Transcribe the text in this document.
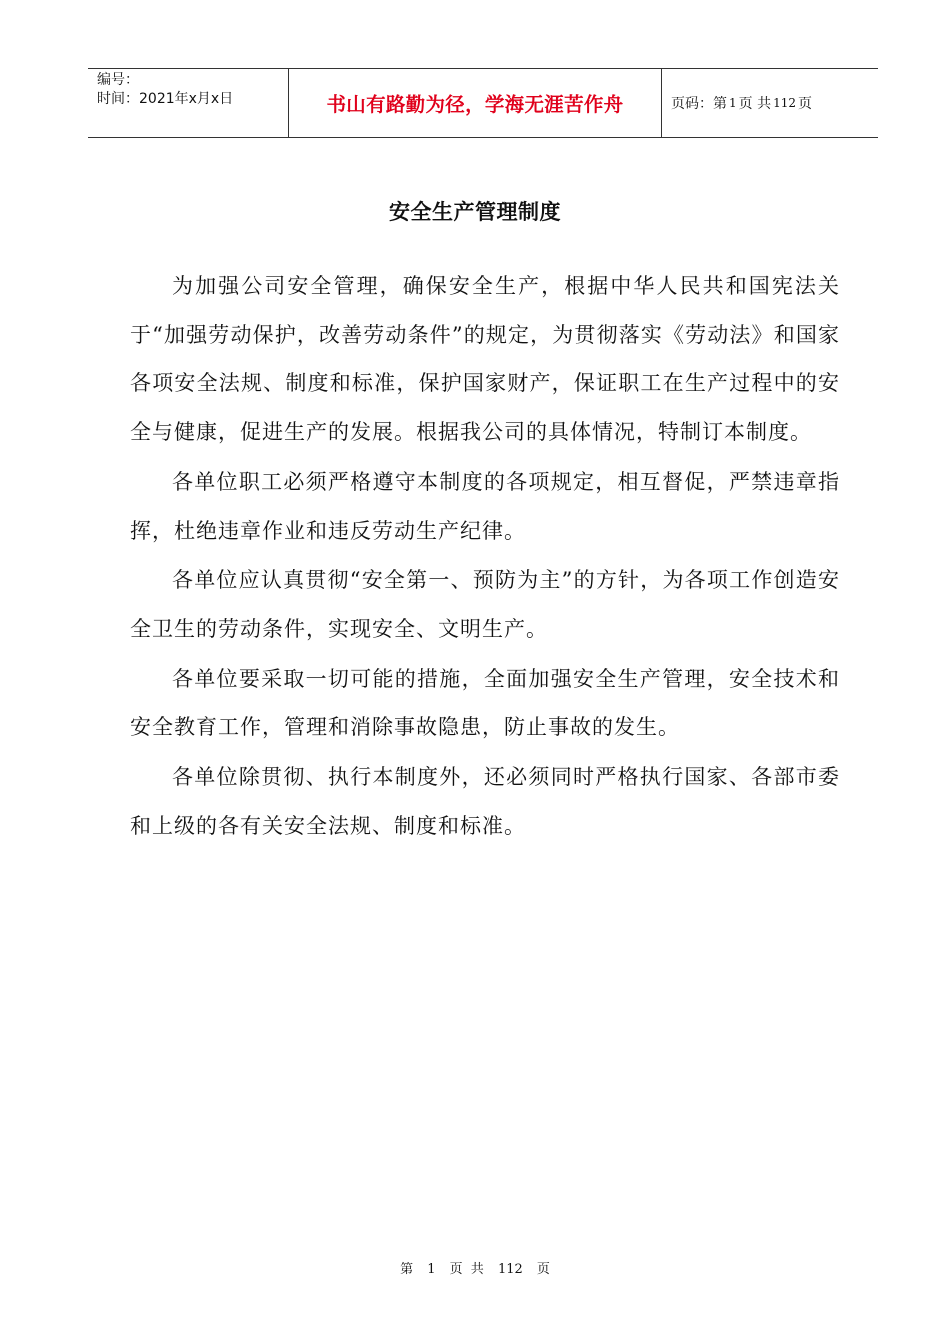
编号：
时间：2021年x月x日	书山有路勤为径，学海无涯苦作舟	页码：第 1 页 共 112 页
安全生产管理制度

为加强公司安全管理，确保安全生产，根据中华人民共和国宪法关于“加强劳动保护，改善劳动条件”的规定，为贯彻落实《劳动法》和国家各项安全法规、制度和标准，保护国家财产，保证职工在生产过程中的安全与健康，促进生产的发展。根据我公司的具体情况，特制订本制度。

各单位职工必须严格遵守本制度的各项规定，相互督促，严禁违章指挥，杜绝违章作业和违反劳动生产纪律。

各单位应认真贯彻“安全第一、预防为主”的方针，为各项工作创造安全卫生的劳动条件，实现安全、文明生产。

各单位要采取一切可能的措施，全面加强安全生产管理，安全技术和安全教育工作，管理和消除事故隐患，防止事故的发生。

各单位除贯彻、执行本制度外，还必须同时严格执行国家、各部市委和上级的各有关安全法规、制度和标准。

第 1 页 共 112 页
